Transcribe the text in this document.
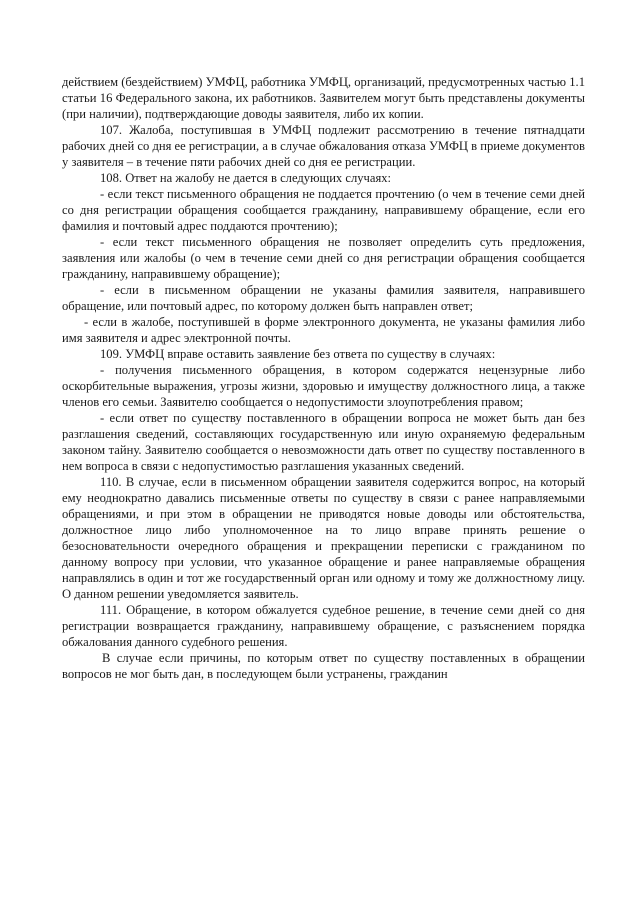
действием (бездействием) УМФЦ, работника УМФЦ, организаций, предусмотренных частью 1.1 статьи 16 Федерального закона, их работников. Заявителем могут быть представлены документы (при наличии), подтверждающие доводы заявителя, либо их копии.

107. Жалоба, поступившая в УМФЦ подлежит рассмотрению в течение пятнадцати рабочих дней со дня ее регистрации, а в случае обжалования отказа УМФЦ в приеме документов у заявителя – в течение пяти рабочих дней со дня ее регистрации.

108. Ответ на жалобу не дается в следующих случаях:

- если текст письменного обращения не поддается прочтению (о чем в течение семи дней со дня регистрации обращения сообщается гражданину, направившему обращение, если его фамилия и почтовый адрес поддаются прочтению);

- если текст письменного обращения не позволяет определить суть предложения, заявления или жалобы (о чем в течение семи дней со дня регистрации обращения сообщается гражданину, направившему обращение);

- если в письменном обращении не указаны фамилия заявителя, направившего обращение, или почтовый адрес, по которому должен быть направлен ответ;

- если в жалобе, поступившей в форме электронного документа, не указаны фамилия либо имя заявителя и адрес электронной почты.

109. УМФЦ вправе оставить заявление без ответа по существу в случаях:

- получения письменного обращения, в котором содержатся нецензурные либо оскорбительные выражения, угрозы жизни, здоровью и имуществу должностного лица, а также членов его семьи. Заявителю сообщается о недопустимости злоупотребления правом;

- если ответ по существу поставленного в обращении вопроса не может быть дан без разглашения сведений, составляющих государственную или иную охраняемую федеральным законом тайну. Заявителю сообщается о невозможности дать ответ по существу поставленного в нем вопроса в связи с недопустимостью разглашения указанных сведений.

110. В случае, если в письменном обращении заявителя содержится вопрос, на который ему неоднократно давались письменные ответы по существу в связи с ранее направляемыми обращениями, и при этом в обращении не приводятся новые доводы или обстоятельства, должностное лицо либо уполномоченное на то лицо вправе принять решение о безосновательности очередного обращения и прекращении переписки с гражданином по данному вопросу при условии, что указанное обращение и ранее направляемые обращения направлялись в один и тот же государственный орган или одному и тому же должностному лицу. О данном решении уведомляется заявитель.

111. Обращение, в котором обжалуется судебное решение, в течение семи дней со дня регистрации возвращается гражданину, направившему обращение, с разъяснением порядка обжалования данного судебного решения.

В случае если причины, по которым ответ по существу поставленных в обращении вопросов не мог быть дан, в последующем были устранены, гражданин
